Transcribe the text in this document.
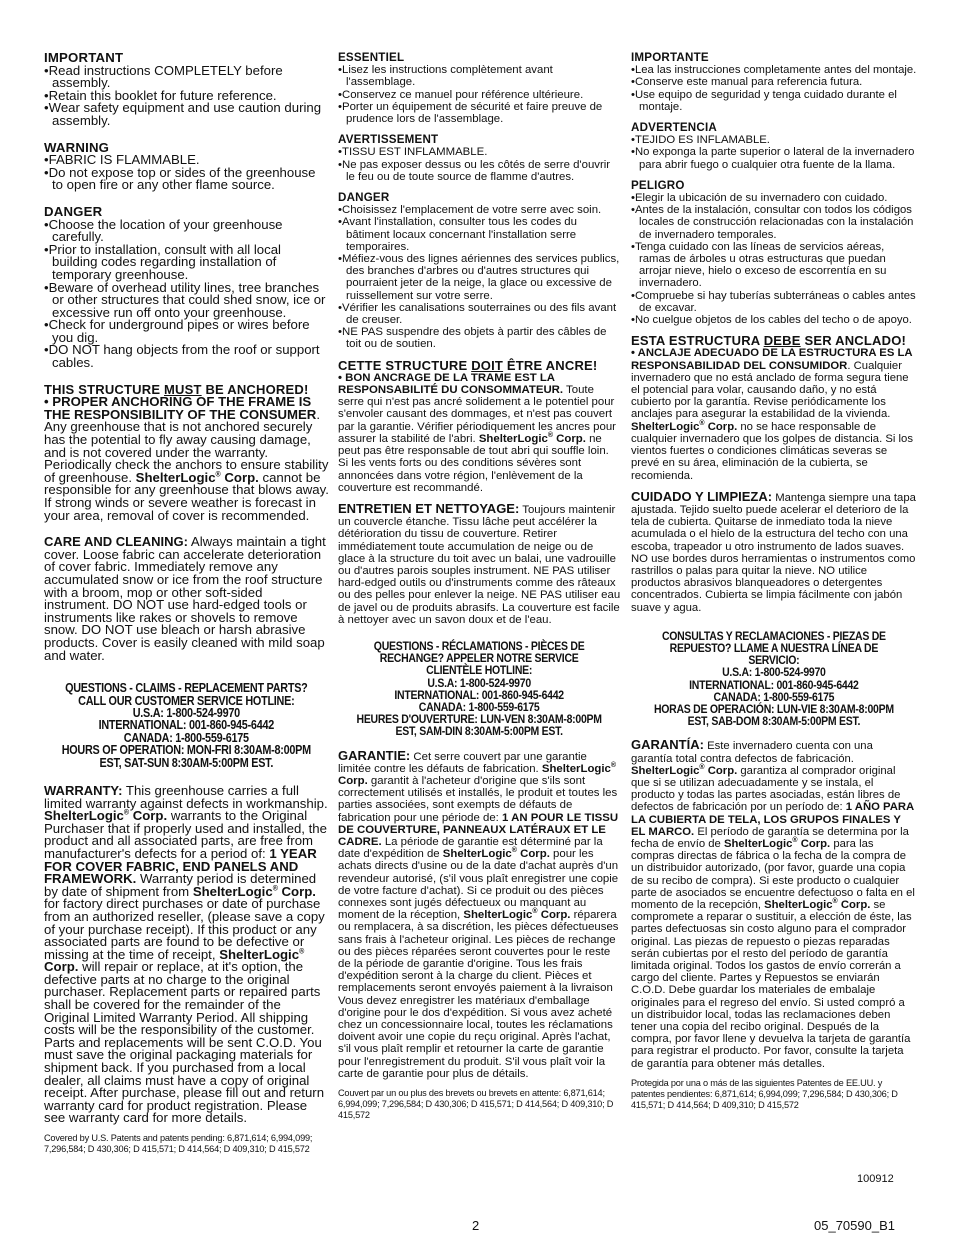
IMPORTANT

• Read instructions COMPLETELY before assembly.
• Retain this booklet for future reference.
• Wear safety equipment and use caution during assembly.

WARNING

• FABRIC IS FLAMMABLE.
• Do not expose top or sides of the greenhouse to open fire or any other flame source.

DANGER

• Choose the location of your greenhouse carefully.
• Prior to installation, consult with all local building codes regarding installation of temporary greenhouse.
• Beware of overhead utility lines, tree branches or other structures that could shed snow, ice or excessive run off onto your greenhouse.
• Check for underground pipes or wires before you dig.
• DO NOT hang objects from the roof or support cables.

THIS STRUCTURE MUST BE ANCHORED!

• PROPER ANCHORING OF THE FRAME IS THE RESPONSIBILITY OF THE CONSUMER. Any greenhouse that is not anchored securely has the potential to fly away causing damage, and is not covered under the warranty. Periodically check the anchors to ensure stability of greenhouse. ShelterLogic® Corp. cannot be responsible for any greenhouse that blows away. If strong winds or severe weather is forecast in your area, removal of cover is recommended.

CARE AND CLEANING: Always maintain a tight cover. Loose fabric can accelerate deterioration of cover fabric. Immediately remove any accumulated snow or ice from the roof structure with a broom, mop or other soft-sided instrument. DO NOT use hard-edged tools or instruments like rakes or shovels to remove snow. DO NOT use bleach or harsh abrasive products. Cover is easily cleaned with mild soap and water.

QUESTIONS - CLAIMS - REPLACEMENT PARTS?
CALL OUR CUSTOMER SERVICE HOTLINE:
U.S.A: 1-800-524-9970
INTERNATIONAL: 001-860-945-6442
CANADA: 1-800-559-6175
HOURS OF OPERATION: MON-FRI 8:30AM-8:00PM
EST, SAT-SUN 8:30AM-5:00PM EST.

WARRANTY: This greenhouse carries a full limited warranty against defects in workmanship. ShelterLogic® Corp. warrants to the Original Purchaser that if properly used and installed, the product and all associated parts, are free from manufacturer's defects for a period of: 1 YEAR FOR COVER FABRIC, END PANELS AND FRAMEWORK. Warranty period is determined by date of shipment from ShelterLogic® Corp. for factory direct purchases or date of purchase from an authorized reseller, (please save a copy of your purchase receipt). If this product or any associated parts are found to be defective or missing at the time of receipt, ShelterLogic® Corp. will repair or replace, at it's option, the defective parts at no charge to the original purchaser. Replacement parts or repaired parts shall be covered for the remainder of the Original Limited Warranty Period. All shipping costs will be the responsibility of the customer. Parts and replacements will be sent C.O.D. You must save the original packaging materials for shipment back. If you purchased from a local dealer, all claims must have a copy of original receipt. After purchase, please fill out and return warranty card for product registration. Please see warranty card for more details.

Covered by U.S. Patents and patents pending: 6,871,614; 6,994,099; 7,296,584; D 430,306; D 415,571; D 414,564; D 409,310; D 415,572

ESSENTIEL

• Lisez les instructions complètement avant l'assemblage.
• Conservez ce manuel pour référence ultérieure.
• Porter un équipement de sécurité et faire preuve de prudence lors de l'assemblage.

AVERTISSEMENT

• TISSU EST INFLAMMABLE.
• Ne pas exposer dessus ou les côtés de serre d'ouvrir le feu ou de toute source de flamme d'autres.

DANGER

• Choisissez l'emplacement de votre serre avec soin.
• Avant l'installation, consulter tous les codes du bâtiment locaux concernant l'installation serre temporaires.
• Méfiez-vous des lignes aériennes des services publics, des branches d'arbres ou d'autres structures qui pourraient jeter de la neige, la glace ou excessive de ruissellement sur votre serre.
• Vérifier les canalisations souterraines ou des fils avant de creuser.
• NE PAS suspendre des objets à partir des câbles de toit ou de soutien.

CETTE STRUCTURE DOIT ÊTRE ANCRE!

• BON ANCRAGE DE LA TRAME EST LA RESPONSABILITÉ DU CONSOMMATEUR. Toute serre qui n'est pas ancré solidement a le potentiel pour s'envoler causant des dommages, et n'est pas couvert par la garantie. Vérifier périodiquement les ancres pour assurer la stabilité de l'abri. ShelterLogic® Corp. ne peut pas être responsable de tout abri qui souffle loin. Si les vents forts ou des conditions sévères sont annoncées dans votre région, l'enlèvement de la couverture est recommandé.

ENTRETIEN ET NETTOYAGE: Toujours maintenir un couvercle étanche. Tissu lâche peut accélérer la détérioration du tissu de couverture. Retirer immédiatement toute accumulation de neige ou de glace à la structure du toit avec un balai, une vadrouille ou d'autres parois souples instrument. NE PAS utiliser hard-edged outils ou d'instruments comme des râteaux ou des pelles pour enlever la neige. NE PAS utiliser eau de javel ou de produits abrasifs. La couverture est facile à nettoyer avec un savon doux et de l'eau.

QUESTIONS - RÉCLAMATIONS - PIÈCES DE
RECHANGE? APPELER NOTRE SERVICE
CLIENTÈLE HOTLINE:
U.S.A: 1-800-524-9970
INTERNATIONAL: 001-860-945-6442
CANADA: 1-800-559-6175
HEURES D'OUVERTURE: LUN-VEN 8:30AM-8:00PM
EST, SAM-DIN 8:30AM-5:00PM EST.

GARANTIE: Cet serre couvert par une garantie limitée contre les défauts de fabrication. ShelterLogic® Corp. garantit à l'acheteur d'origine que s'ils sont correctement utilisés et installés, le produit et toutes les parties associées, sont exempts de défauts de fabrication pour une période de: 1 AN POUR LE TISSU DE COUVERTURE, PANNEAUX LATÉRAUX ET LE CADRE. La période de garantie est déterminé par la date d'expédition de ShelterLogic® Corp. pour les achats directs d'usine ou de la date d'achat auprès d'un revendeur autorisé, (s'il vous plaît enregistrer une copie de votre facture d'achat). Si ce produit ou des pièces connexes sont jugés défectueux ou manquant au moment de la réception, ShelterLogic® Corp. réparera ou remplacera, à sa discrétion, les pièces défectueuses sans frais à l'acheteur original. Les pièces de rechange ou des pièces réparées seront couvertes pour le reste de la période de garantie d'origine. Tous les frais d'expédition seront à la charge du client. Pièces et remplacements seront envoyés paiement à la livraison Vous devez enregistrer les matériaux d'emballage d'origine pour le dos d'expédition. Si vous avez acheté chez un concessionnaire local, toutes les réclamations doivent avoir une copie du reçu original. Après l'achat, s'il vous plaît remplir et retourner la carte de garantie pour l'enregistrement du produit. S'il vous plaît voir la carte de garantie pour plus de détails.

Couvert par un ou plus des brevets ou brevets en attente: 6,871,614; 6,994,099; 7,296,584; D 430,306; D 415,571; D 414,564; D 409,310; D 415,572

IMPORTANTE

• Lea las instrucciones completamente antes del montaje.
• Conserve este manual para referencia futura.
• Use equipo de seguridad y tenga cuidado durante el montaje.

ADVERTENCIA

• TEJIDO ES INFLAMABLE.
• No exponga la parte superior o lateral de la invernadero para abrir fuego o cualquier otra fuente de la llama.

PELIGRO

• Elegir la ubicación de su invernadero con cuidado.
• Antes de la instalación, consultar con todos los códigos locales de construcción relacionadas con la instalación de invernadero temporales.
• Tenga cuidado con las líneas de servicios aéreas, ramas de árboles u otras estructuras que puedan arrojar nieve, hielo o exceso de escorrentía en su invernadero.
• Compruebe si hay tuberías subterráneas o cables antes de excavar.
• No cuelgue objetos de los cables del techo o de apoyo.

ESTA ESTRUCTURA DEBE SER ANCLADO!

• ANCLAJE ADECUADO DE LA ESTRUCTURA ES LA RESPONSABILIDAD DEL CONSUMIDOR. Cualquier invernadero que no está anclado de forma segura tiene el potencial para volar, causando daño, y no está cubierto por la garantía. Revise periódicamente los anclajes para asegurar la estabilidad de la vivienda. ShelterLogic® Corp. no se hace responsable de cualquier invernadero que los golpes de distancia. Si los vientos fuertes o condiciones climáticas severas se prevé en su área, eliminación de la cubierta, se recomienda.

CUIDADO Y LIMPIEZA: Mantenga siempre una tapa ajustada. Tejido suelto puede acelerar el deterioro de la tela de cubierta. Quitarse de inmediato toda la nieve acumulada o el hielo de la estructura del techo con una escoba, trapeador u otro instrumento de lados suaves. NO use bordes duros herramientas o instrumentos como rastrillos o palas para quitar la nieve. NO utilice productos abrasivos blanqueadores o detergentes concentrados. Cubierta se limpia fácilmente con jabón suave y agua.

CONSULTAS Y RECLAMACIONES - PIEZAS DE
REPUESTO? LLAME A NUESTRA LÍNEA DE
SERVICIO:
U.S.A: 1-800-524-9970
INTERNATIONAL: 001-860-945-6442
CANADA: 1-800-559-6175
HORAS DE OPERACIÓN: LUN-VIE 8:30AM-8:00PM
EST, SAB-DOM 8:30AM-5:00PM EST.

GARANTÍA: Este invernadero cuenta con una garantía total contra defectos de fabricación. ShelterLogic® Corp. garantiza al comprador original que si se utilizan adecuadamente y se instala, el producto y todas las partes asociadas, están libres de defectos de fabricación por un período de: 1 AÑO PARA LA CUBIERTA DE TELA, LOS GRUPOS FINALES Y EL MARCO. El período de garantía se determina por la fecha de envío de ShelterLogic® Corp. para las compras directas de fábrica o la fecha de la compra de un distribuidor autorizado, (por favor, guarde una copia de su recibo de compra). Si este producto o cualquier parte de asociados se encuentre defectuoso o falta en el momento de la recepción, ShelterLogic® Corp. se compromete a reparar o sustituir, a elección de éste, las partes defectuosas sin costo alguno para el comprador original. Las piezas de repuesto o piezas reparadas serán cubiertas por el resto del período de garantía limitada original. Todos los gastos de envío correrán a cargo del cliente. Partes y Repuestos se enviarán C.O.D. Debe guardar los materiales de embalaje originales para el regreso del envío. Si usted compró a un distribuidor local, todas las reclamaciones deben tener una copia del recibo original. Después de la compra, por favor llene y devuelva la tarjeta de garantía para registrar el producto. Por favor, consulte la tarjeta de garantía para obtener más detalles.

Protegida por una o más de las siguientes Patentes de EE.UU. y patentes pendientes: 6,871,614; 6,994,099; 7,296,584; D 430,306; D 415,571; D 414,564; D 409,310; D 415,572

100912
2	05_70590_B1
